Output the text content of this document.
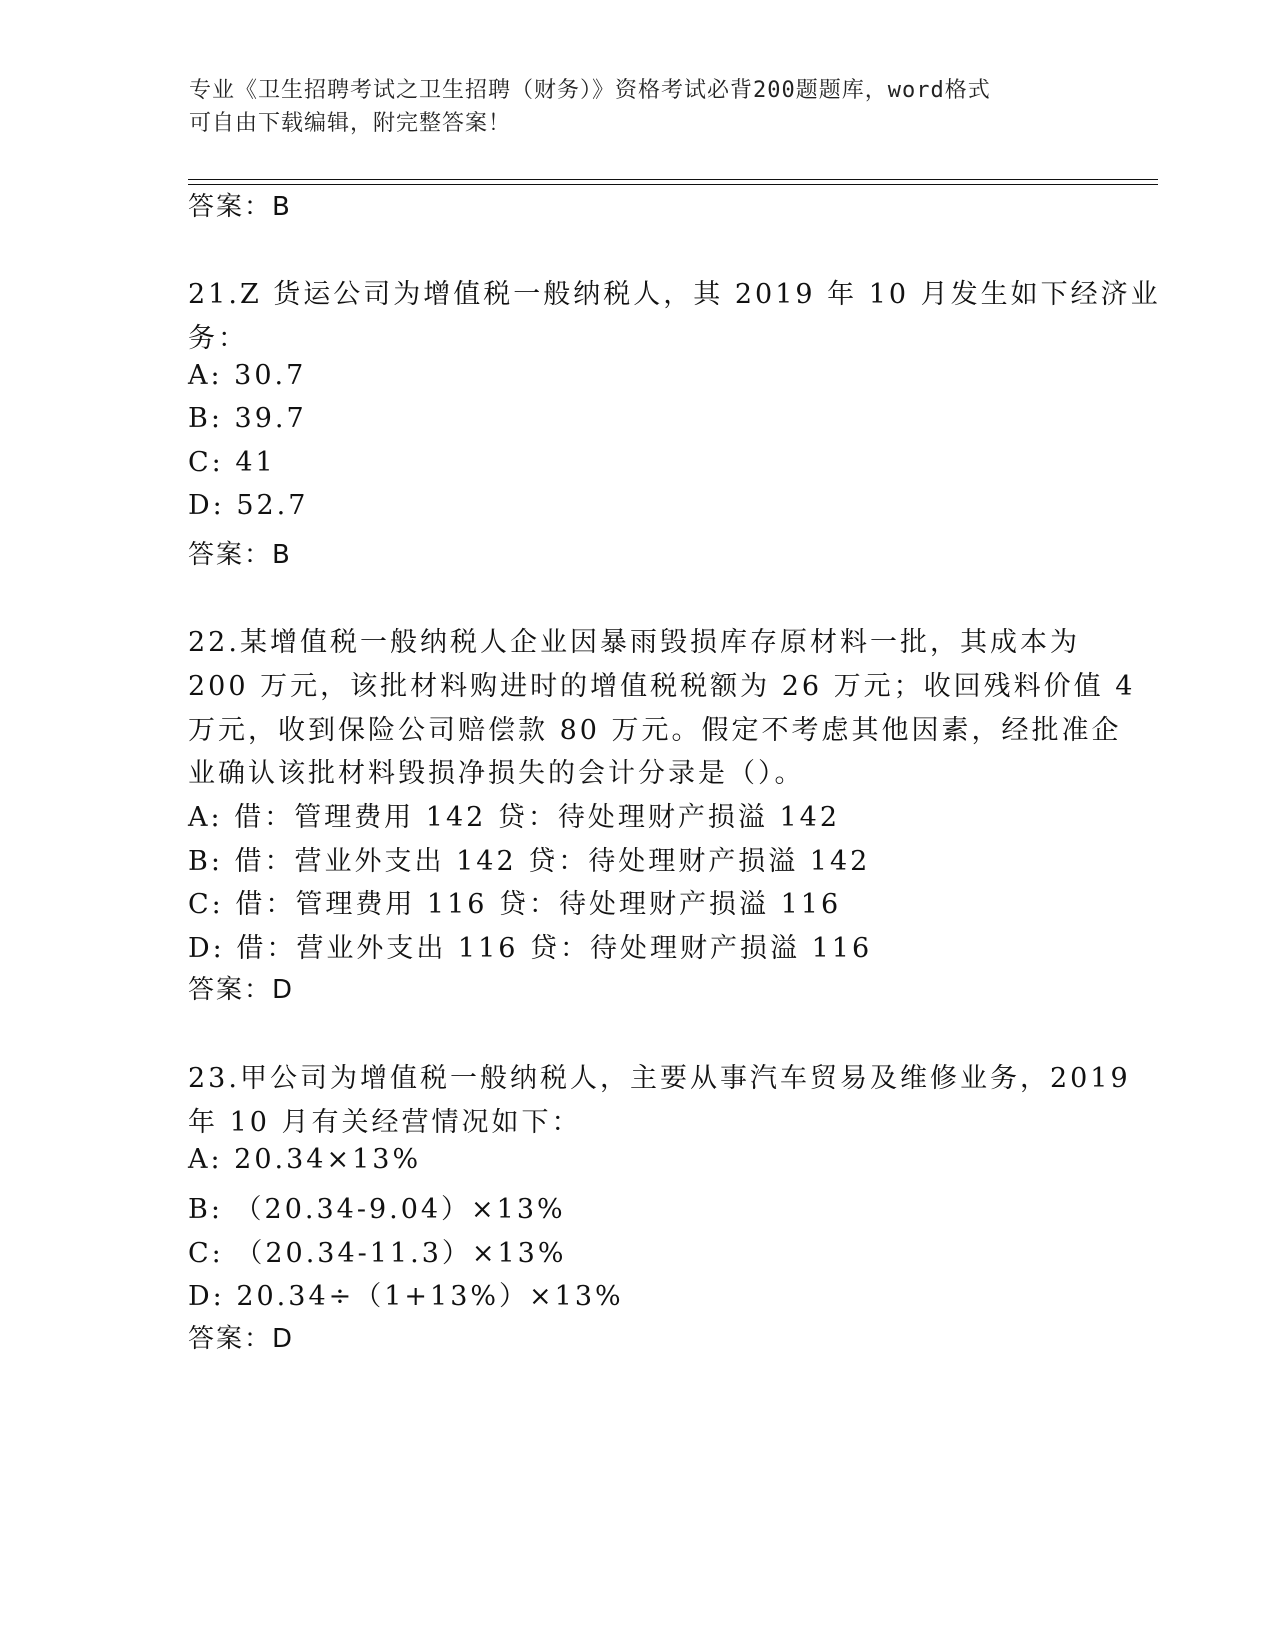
专业《卫生招聘考试之卫生招聘（财务）》资格考试必背200题题库，word格式
可自由下载编辑，附完整答案！
答案：B
21.Z 货运公司为增值税一般纳税人，其 2019 年 10 月发生如下经济业
务：
A: 30.7
B: 39.7
C: 41
D: 52.7
答案：B
22.某增值税一般纳税人企业因暴雨毁损库存原材料一批，其成本为
200 万元，该批材料购进时的增值税税额为 26 万元；收回残料价值 4
万元，收到保险公司赔偿款 80 万元。假定不考虑其他因素，经批准企
业确认该批材料毁损净损失的会计分录是（）。
A: 借：管理费用 142 贷：待处理财产损溢 142
B: 借：营业外支出 142 贷：待处理财产损溢 142
C: 借：管理费用 116 贷：待处理财产损溢 116
D: 借：营业外支出 116 贷：待处理财产损溢 116
答案：D
23.甲公司为增值税一般纳税人，主要从事汽车贸易及维修业务，2019
年 10 月有关经营情况如下：
A: 20.34×13%
B: （20.34-9.04）×13%
C: （20.34-11.3）×13%
D: 20.34÷（1+13%）×13%
答案：D
